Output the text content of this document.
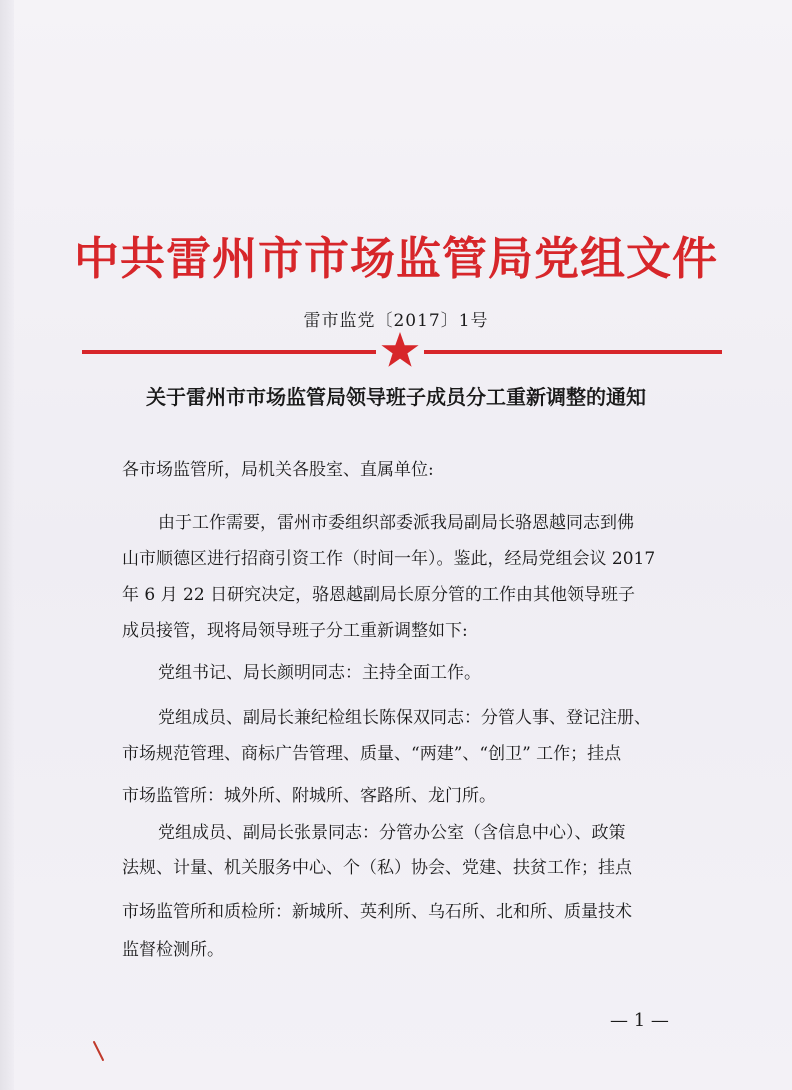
中共雷州市市场监管局党组文件
雷市监党〔2017〕1号
关于雷州市市场监管局领导班子成员分工重新调整的通知
各市场监管所，局机关各股室、直属单位:
由于工作需要，雷州市委组织部委派我局副局长骆恩越同志到佛
山市顺德区进行招商引资工作（时间一年）。鉴此，经局党组会议 2017
年 6 月 22 日研究决定，骆恩越副局长原分管的工作由其他领导班子
成员接管，现将局领导班子分工重新调整如下:
党组书记、局长颜明同志：主持全面工作。
党组成员、副局长兼纪检组长陈保双同志：分管人事、登记注册、
市场规范管理、商标广告管理、质量、“两建”、“创卫” 工作；挂点
市场监管所：城外所、附城所、客路所、龙门所。
党组成员、副局长张景同志：分管办公室（含信息中心）、政策
法规、计量、机关服务中心、个（私）协会、党建、扶贫工作；挂点
市场监管所和质检所：新城所、英利所、乌石所、北和所、质量技术
监督检测所。
— 1 —
